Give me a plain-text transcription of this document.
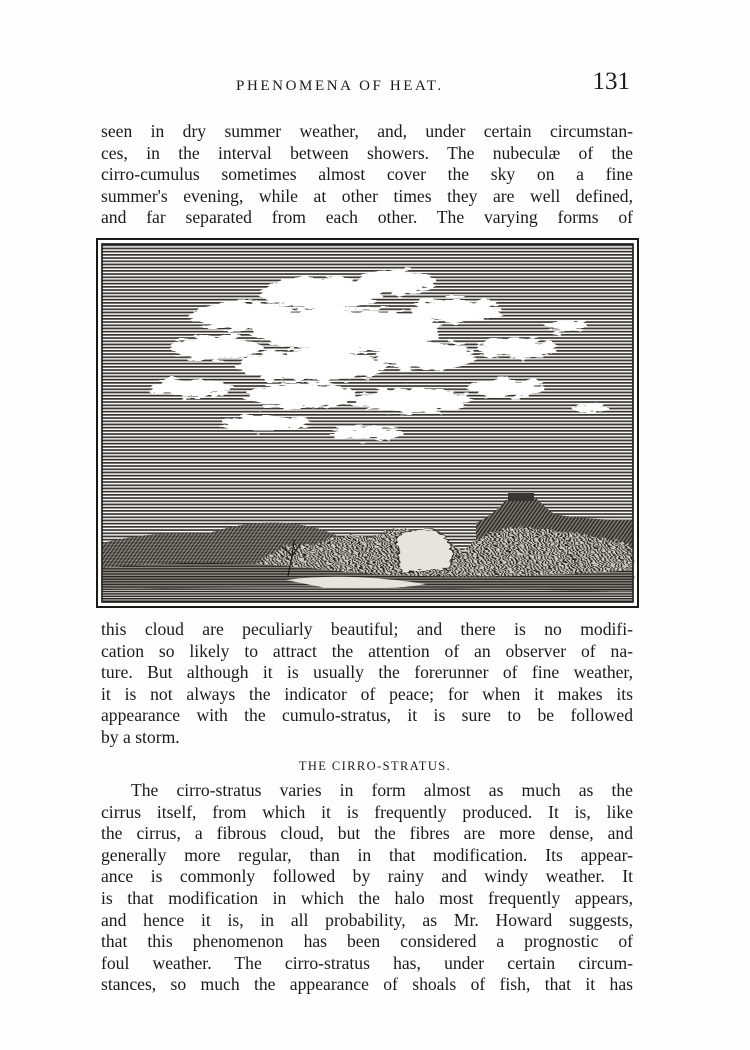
PHENOMENA OF HEAT.	131

seen in dry summer weather, and, under certain circumstan-
ces, in the interval between showers. The nubeculæ of the
cirro-cumulus sometimes almost cover the sky on a fine
summer's evening, while at other times they are well defined,
and far separated from each other. The varying forms of

this cloud are peculiarly beautiful; and there is no modifi-
cation so likely to attract the attention of an observer of na-
ture. But although it is usually the forerunner of fine weather,
it is not always the indicator of peace; for when it makes its
appearance with the cumulo-stratus, it is sure to be followed
by a storm.

THE CIRRO-STRATUS.

The cirro-stratus varies in form almost as much as the
cirrus itself, from which it is frequently produced. It is, like
the cirrus, a fibrous cloud, but the fibres are more dense, and
generally more regular, than in that modification. Its appear-
ance is commonly followed by rainy and windy weather. It
is that modification in which the halo most frequently appears,
and hence it is, in all probability, as Mr. Howard suggests,
that this phenomenon has been considered a prognostic of
foul weather. The cirro-stratus has, under certain circum-
stances, so much the appearance of shoals of fish, that it has
